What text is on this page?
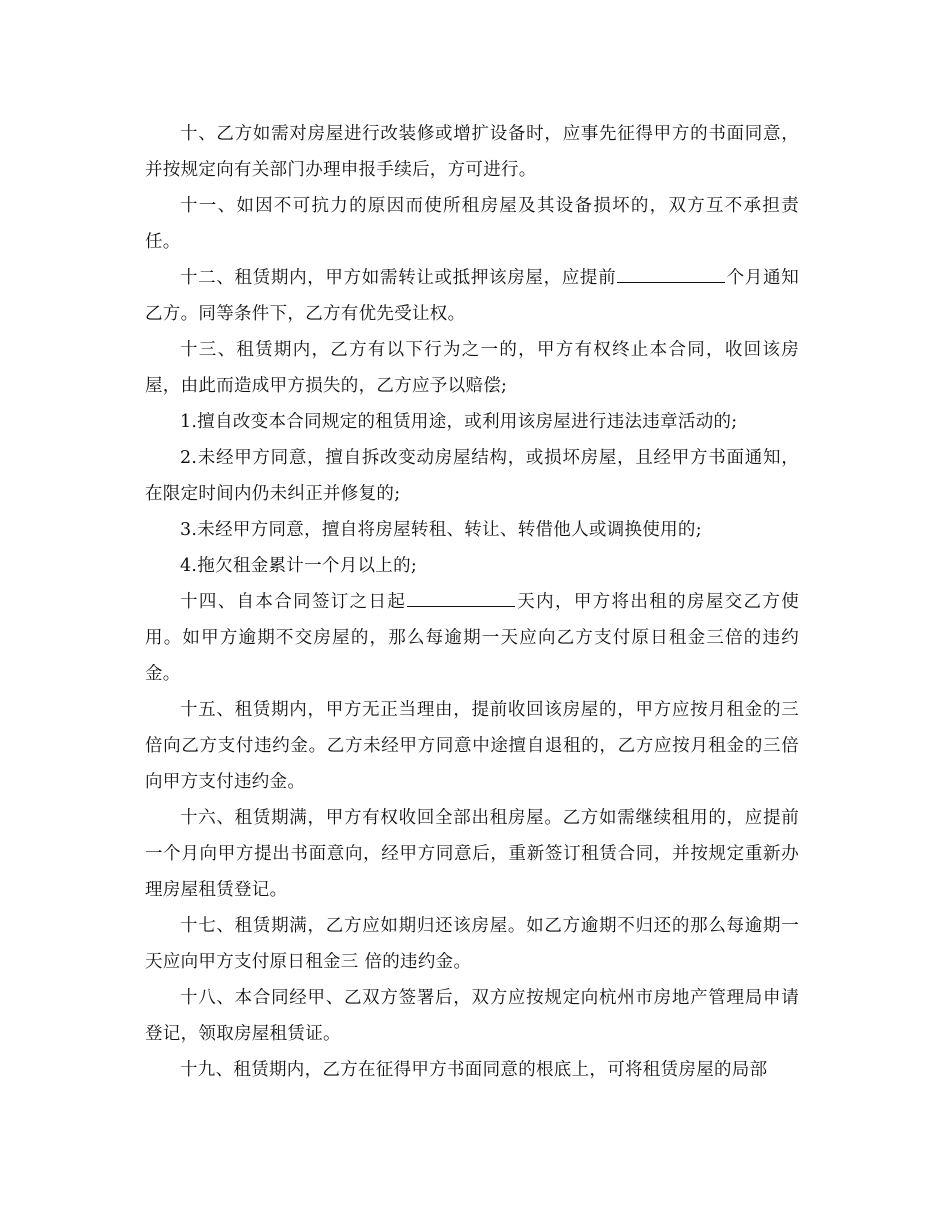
十、乙方如需对房屋进行改装修或增扩设备时，应事先征得甲方的书面同意，并按规定向有关部门办理申报手续后，方可进行。

十一、如因不可抗力的原因而使所租房屋及其设备损坏的，双方互不承担责任。

十二、租赁期内，甲方如需转让或抵押该房屋，应提前	个月通知乙方。同等条件下，乙方有优先受让权。

十三、租赁期内，乙方有以下行为之一的，甲方有权终止本合同，收回该房屋，由此而造成甲方损失的，乙方应予以赔偿;

1.擅自改变本合同规定的租赁用途，或利用该房屋进行违法违章活动的;

2.未经甲方同意，擅自拆改变动房屋结构，或损坏房屋，且经甲方书面通知，在限定时间内仍未纠正并修复的;

3.未经甲方同意，擅自将房屋转租、转让、转借他人或调换使用的;

4.拖欠租金累计一个月以上的;

十四、自本合同签订之日起	天内，甲方将出租的房屋交乙方使用。如甲方逾期不交房屋的，那么每逾期一天应向乙方支付原日租金三倍的违约金。

十五、租赁期内，甲方无正当理由，提前收回该房屋的，甲方应按月租金的三倍向乙方支付违约金。乙方未经甲方同意中途擅自退租的，乙方应按月租金的三倍向甲方支付违约金。

十六、租赁期满，甲方有权收回全部出租房屋。乙方如需继续租用的，应提前一个月向甲方提出书面意向，经甲方同意后，重新签订租赁合同，并按规定重新办理房屋租赁登记。

十七、租赁期满，乙方应如期归还该房屋。如乙方逾期不归还的那么每逾期一天应向甲方支付原日租金三 倍的违约金。

十八、本合同经甲、乙双方签署后，双方应按规定向杭州市房地产管理局申请登记，领取房屋租赁证。

十九、租赁期内，乙方在征得甲方书面同意的根底上，可将租赁房屋的局部
